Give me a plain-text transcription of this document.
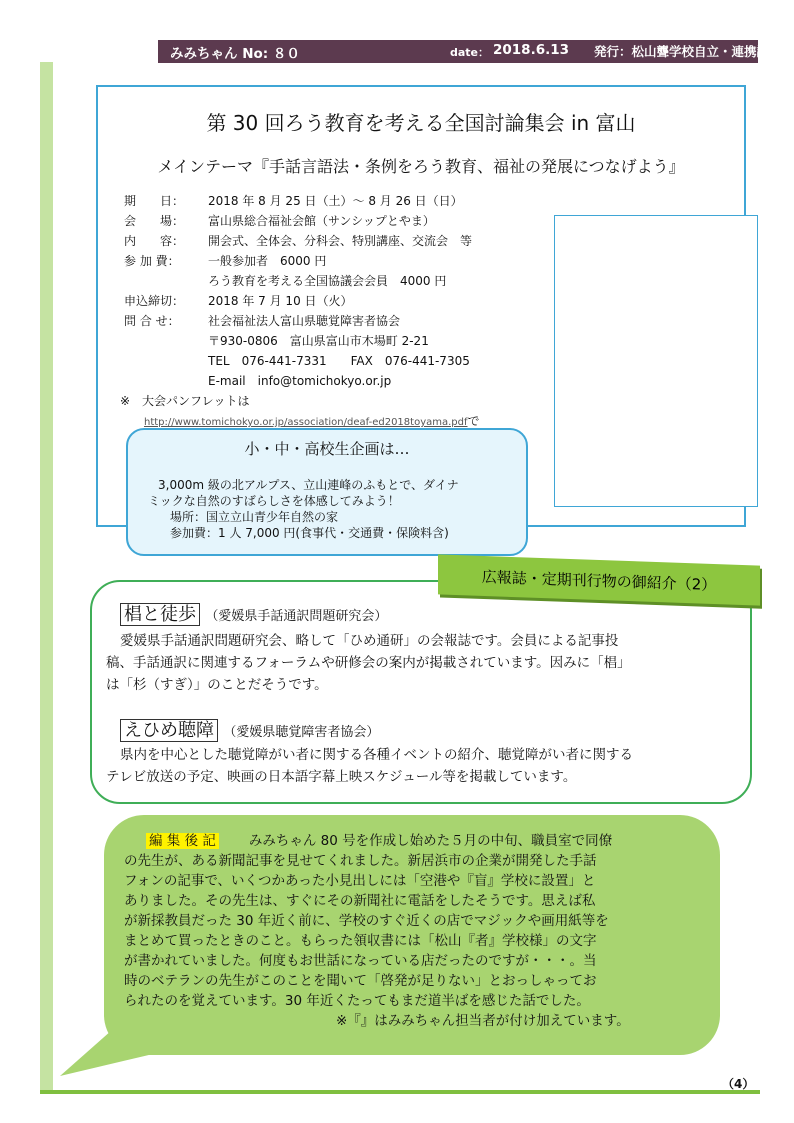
みみちゃん No: ８０	date： 2018.6.13 発行：松山聾学校自立・連携課
第 30 回ろう教育を考える全国討論集会 in 富山
メインテーマ『手話言語法・条例をろう教育、福祉の発展につなげよう』
期　　日：	2018 年 8 月 25 日（土）～ 8 月 26 日（日）
会　　場：	富山県総合福祉会館（サンシップとやま）
内　　容：	開会式、全体会、分科会、特別講座、交流会　等
参 加 費：	一般参加者　6000 円
ろう教育を考える全国協議会会員　4000 円
申込締切：	2018 年 7 月 10 日（火）
問 合 せ：	社会福祉法人富山県聴覚障害者協会
〒930-0806　富山県富山市木場町 2-21
TEL　076-441-7331　　FAX　076-441-7305
E-mail　info@tomichokyo.or.jp
※　大会パンフレットは
http://www.tomichokyo.or.jp/association/deaf-ed2018toyama.pdfで
小・中・高校生企画は…
3,000m 級の北アルプス、立山連峰のふもとで、ダイナ
ミックな自然のすばらしさを体感してみよう！
場所：国立立山青少年自然の家
参加費：1 人 7,000 円(食事代・交通費・保険料含)
椙と徒歩 （愛媛県手話通訳問題研究会）
愛媛県手話通訳問題研究会、略して「ひめ通研」の会報誌です。会員による記事投
稿、手話通訳に関連するフォーラムや研修会の案内が掲載されています。因みに「椙」
は「杉（すぎ）」のことだそうです。
えひめ聴障 （愛媛県聴覚障害者協会）
県内を中心とした聴覚障がい者に関する各種イベントの紹介、聴覚障がい者に関する
テレビ放送の予定、映画の日本語字幕上映スケジュール等を掲載しています。
広報誌・定期刊行物の御紹介（2）
編 集 後 記 みみちゃん 80 号を作成し始めた５月の中旬、職員室で同僚
の先生が、ある新聞記事を見せてくれました。新居浜市の企業が開発した手話
フォンの記事で、いくつかあった小見出しには「空港や『盲』学校に設置」と
ありました。その先生は、すぐにその新聞社に電話をしたそうです。思えば私
が新採教員だった 30 年近く前に、学校のすぐ近くの店でマジックや画用紙等を
まとめて買ったときのこと。もらった領収書には「松山『者』学校様」の文字
が書かれていました。何度もお世話になっている店だったのですが・・・。当
時のベテランの先生がこのことを聞いて「啓発が足りない」とおっしゃってお
られたのを覚えています。30 年近くたってもまだ道半ばを感じた話でした。
※『』はみみちゃん担当者が付け加えています。
（4）
